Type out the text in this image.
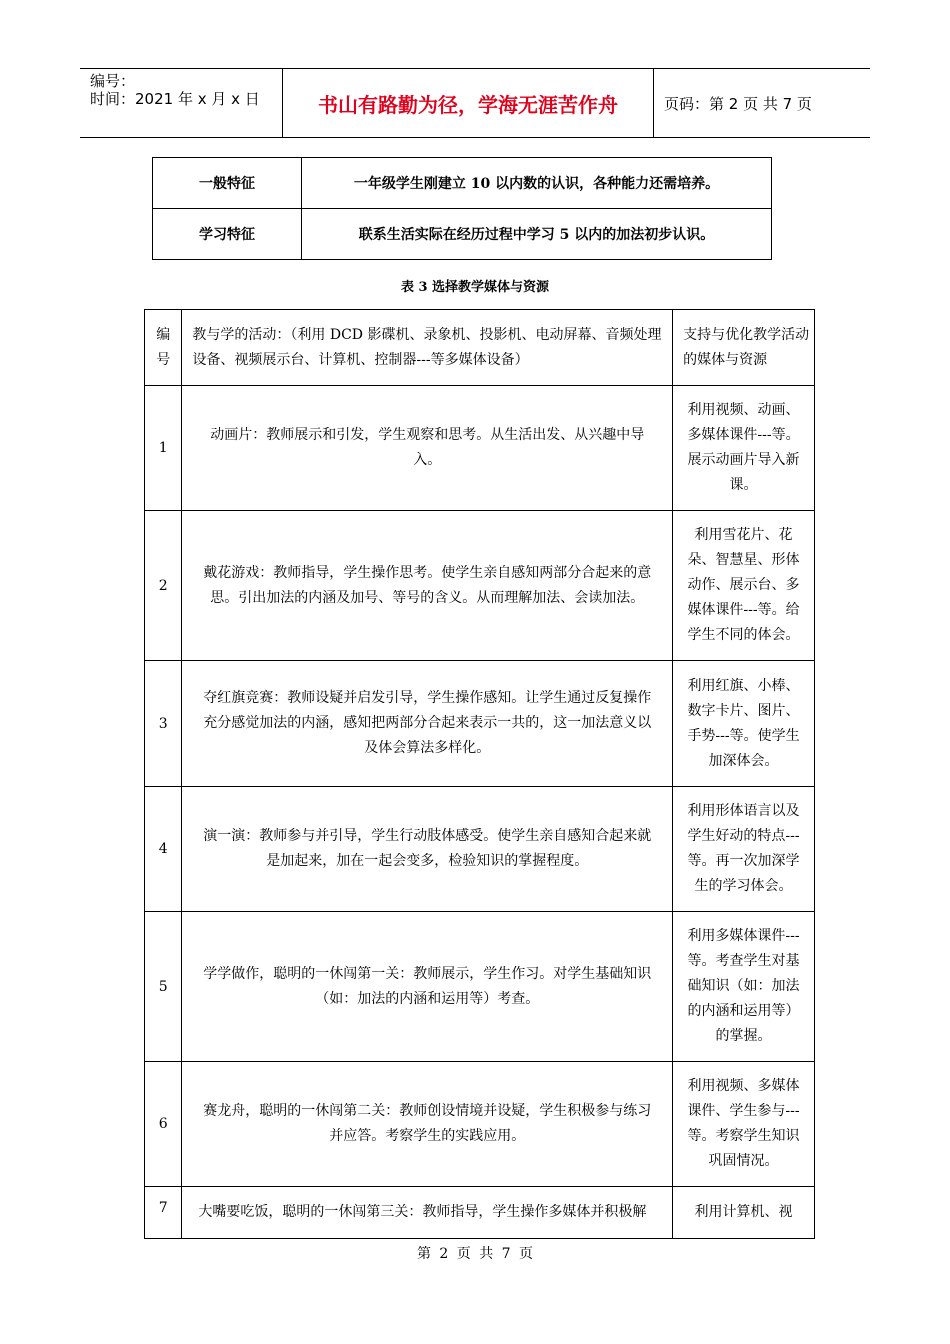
编号：
时间：2021 年 x 月 x 日	书山有路勤为径，学海无涯苦作舟	页码：第 2 页 共 7 页
一般特征	一年级学生刚建立 10 以内数的认识，各种能力还需培养。
学习特征	联系生活实际在经历过程中学习 5 以内的加法初步认识。
表 3 选择教学媒体与资源
编号	教与学的活动：（利用 DCD 影碟机、录象机、投影机、电动屏幕、音频处理设备、视频展示台、计算机、控制器---等多媒体设备）	支持与优化教学活动的媒体与资源

1	动画片：教师展示和引发，学生观察和思考。从生活出发、从兴趣中导入。	利用视频、动画、多媒体课件---等。展示动画片导入新课。

2	戴花游戏：教师指导，学生操作思考。使学生亲自感知两部分合起来的意思。引出加法的内涵及加号、等号的含义。从而理解加法、会读加法。	利用雪花片、花朵、智慧星、形体动作、展示台、多媒体课件---等。给学生不同的体会。

3	夺红旗竞赛：教师设疑并启发引导，学生操作感知。让学生通过反复操作充分感觉加法的内涵，感知把两部分合起来表示一共的，这一加法意义以及体会算法多样化。	利用红旗、小棒、数字卡片、图片、手势---等。使学生加深体会。

4	演一演：教师参与并引导，学生行动肢体感受。使学生亲自感知合起来就是加起来，加在一起会变多，检验知识的掌握程度。	利用形体语言以及学生好动的特点---等。再一次加深学生的学习体会。

5	学学做作，聪明的一休闯第一关：教师展示，学生作习。对学生基础知识（如：加法的内涵和运用等）考查。	利用多媒体课件---等。考查学生对基础知识（如：加法的内涵和运用等）的掌握。

6	赛龙舟，聪明的一休闯第二关：教师创设情境并设疑，学生积极参与练习并应答。考察学生的实践应用。	利用视频、多媒体课件、学生参与---等。考察学生知识巩固情况。

7	大嘴要吃饭，聪明的一休闯第三关：教师指导，学生操作多媒体并积极解	利用计算机、视
第 2 页 共 7 页
